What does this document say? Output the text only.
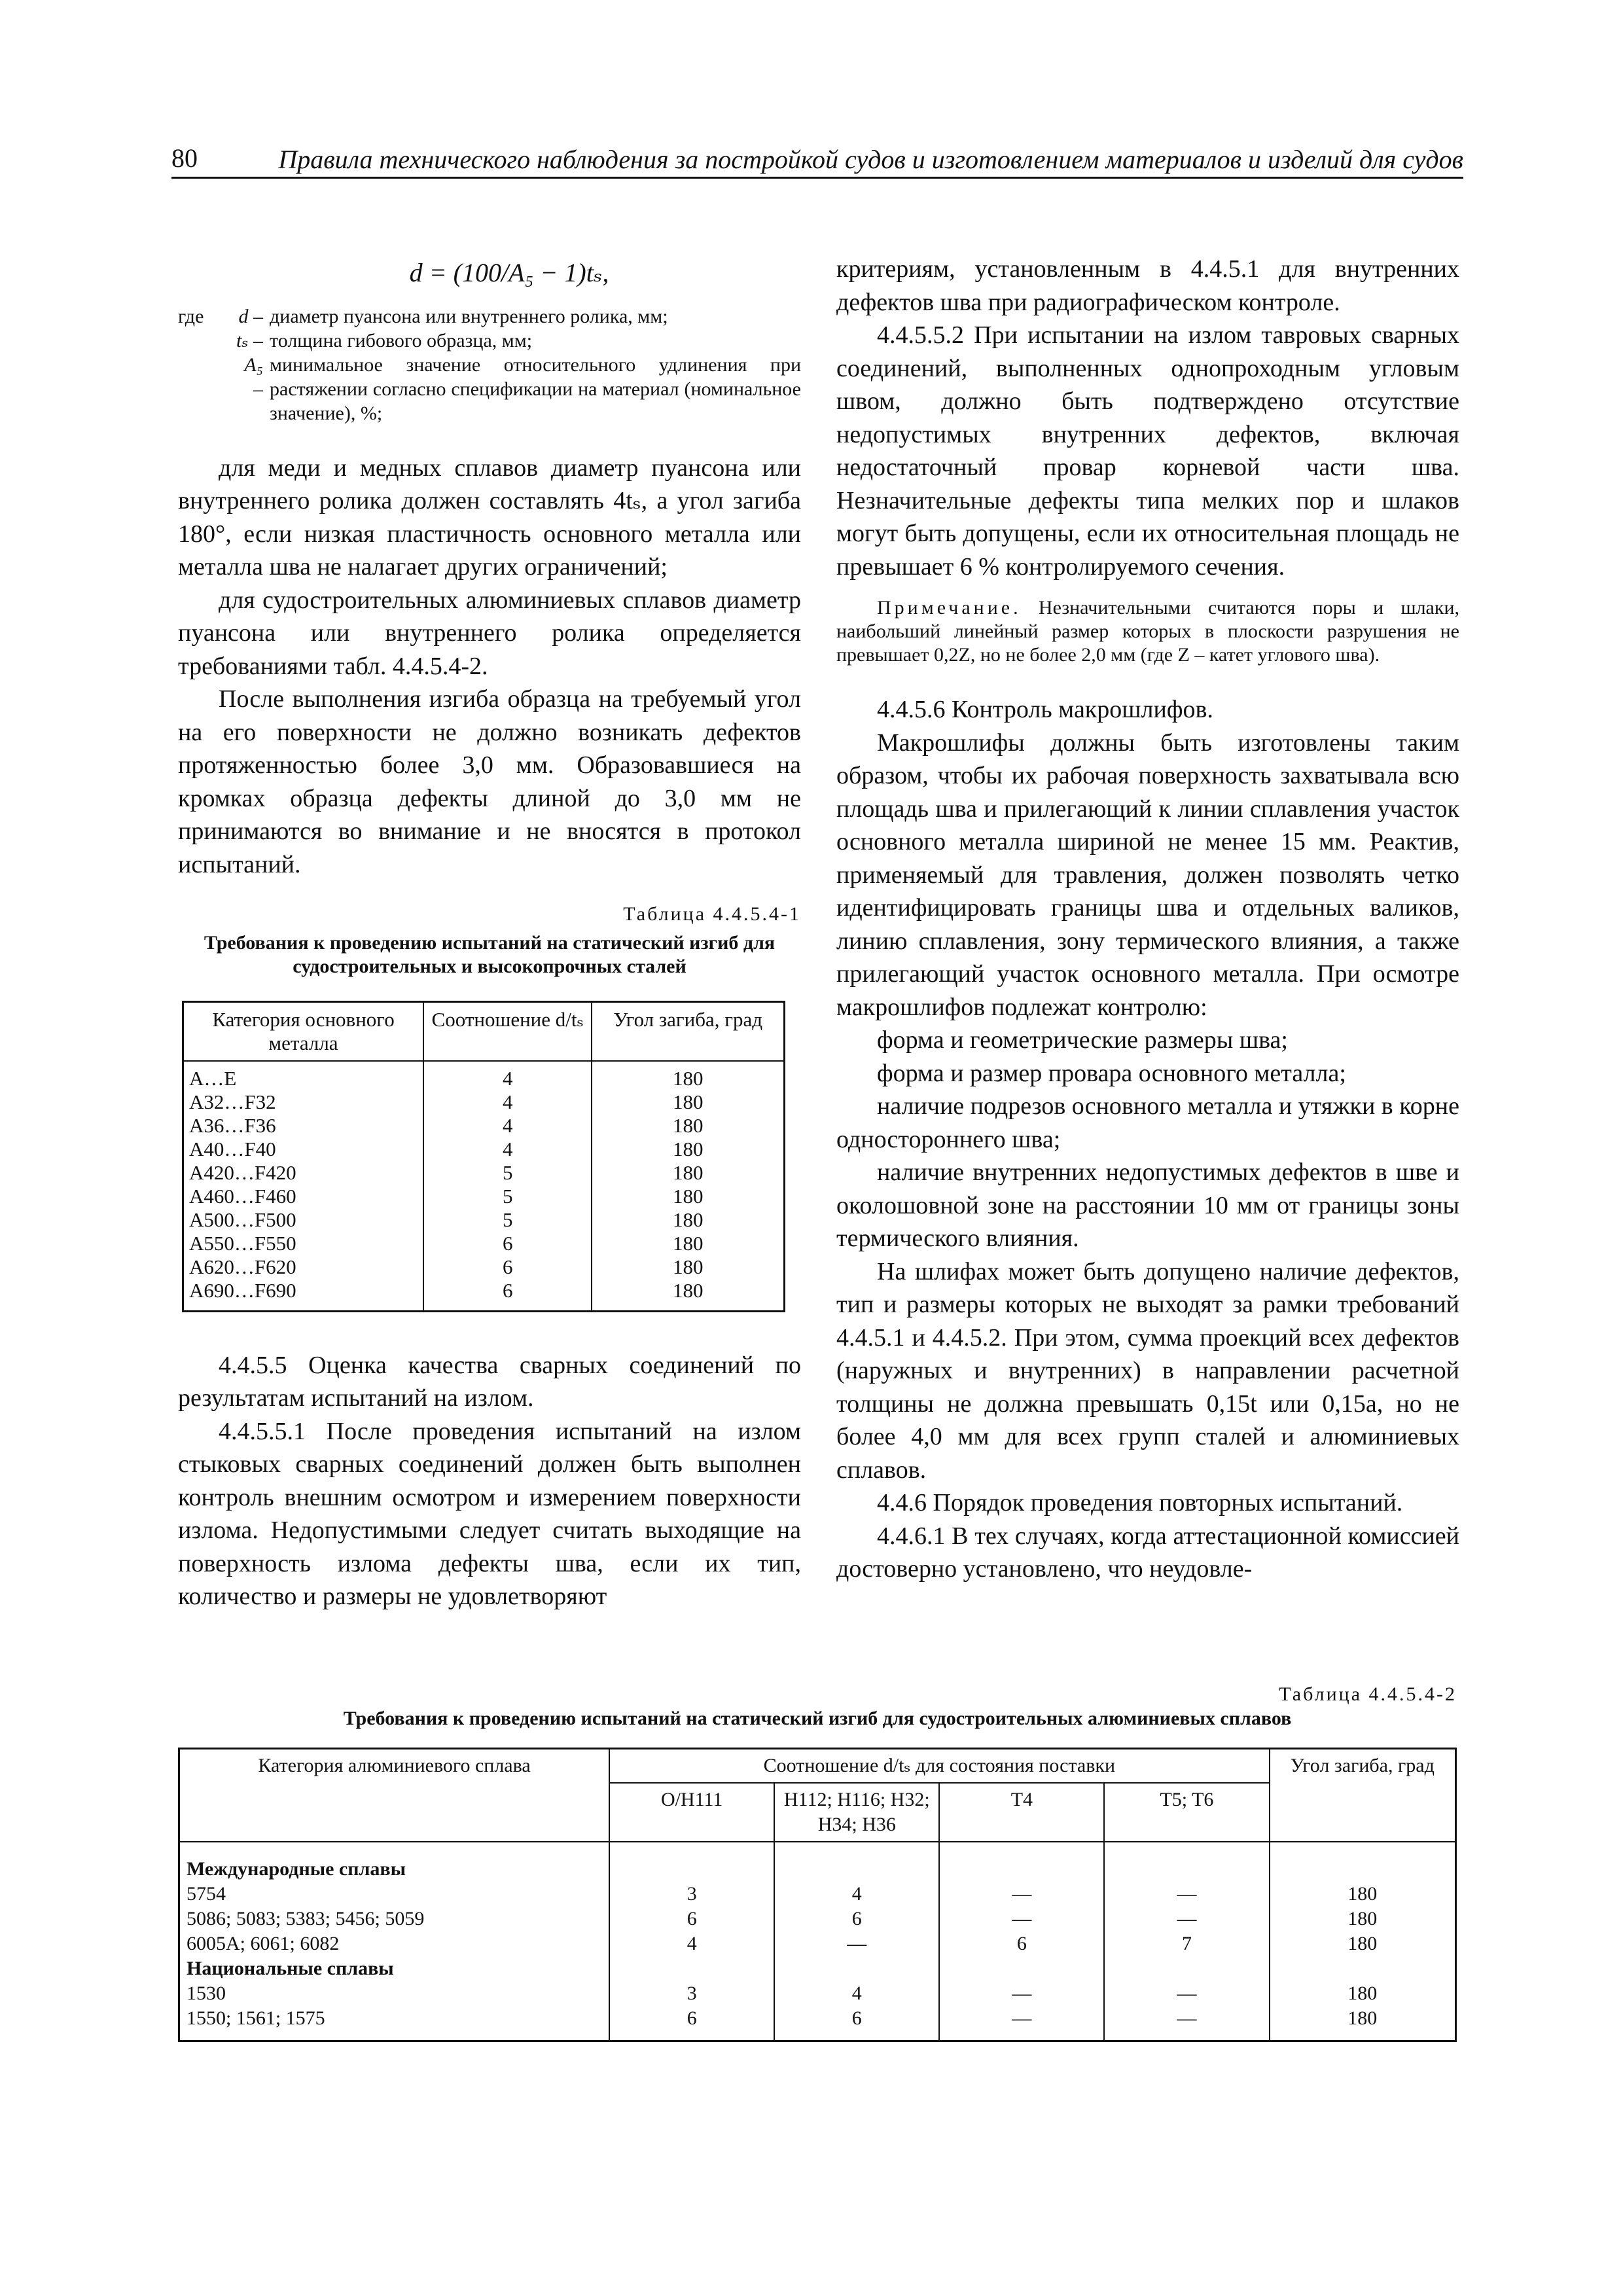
80	Правила технического наблюдения за постройкой судов и изготовлением материалов и изделий для судов
d = (100/A₅ − 1)tₛ,
где	d – диаметр пуансона или внутреннего ролика, мм;
tₛ – толщина гибового образца, мм;
A₅ –
минимальное значение относительного удлинения при растяжении согласно спецификации на материал (номинальное значение), %;

для меди и медных сплавов диаметр пуансона или внутреннего ролика должен составлять 4tₛ, а угол загиба 180°, если низкая пластичность основного металла или металла шва не налагает других ограничений;

для судостроительных алюминиевых сплавов диаметр пуансона или внутреннего ролика определяется требованиями табл. 4.4.5.4-2.

После выполнения изгиба образца на требуемый угол на его поверхности не должно возникать дефектов протяженностью более 3,0 мм. Образовавшиеся на кромках образца дефекты длиной до 3,0 мм не принимаются во внимание и не вносятся в протокол испытаний.

Таблица 4.4.5.4-1
Требования к проведению испытаний на статический изгиб для судостроительных и высокопрочных сталей
Категория основного металла	Соотношение d/tₛ	Угол загиба, град
A…E	4	180
A32…F32	4	180
A36…F36	4	180
A40…F40	4	180
A420…F420	5	180
A460…F460	5	180
A500…F500	5	180
A550…F550	6	180
A620…F620	6	180
A690…F690	6	180

4.4.5.5 Оценка качества сварных соединений по результатам испытаний на излом.

4.4.5.5.1 После проведения испытаний на излом стыковых сварных соединений должен быть выполнен контроль внешним осмотром и измерением поверхности излома. Недопустимыми следует считать выходящие на поверхность излома дефекты шва, если их тип, количество и размеры не удовлетворяют

критериям, установленным в 4.4.5.1 для внутренних дефектов шва при радиографическом контроле.

4.4.5.5.2 При испытании на излом тавровых сварных соединений, выполненных однопроходным угловым швом, должно быть подтверждено отсутствие недопустимых внутренних дефектов, включая недостаточный провар корневой части шва. Незначительные дефекты типа мелких пор и шлаков могут быть допущены, если их относительная площадь не превышает 6 % контролируемого сечения.

Примечание. Незначительными считаются поры и шлаки, наибольший линейный размер которых в плоскости разрушения не превышает 0,2Z, но не более 2,0 мм (где Z – катет углового шва).

4.4.5.6 Контроль макрошлифов.

Макрошлифы должны быть изготовлены таким образом, чтобы их рабочая поверхность захватывала всю площадь шва и прилегающий к линии сплавления участок основного металла шириной не менее 15 мм. Реактив, применяемый для травления, должен позволять четко идентифицировать границы шва и отдельных валиков, линию сплавления, зону термического влияния, а также прилегающий участок основного металла. При осмотре макрошлифов подлежат контролю:

форма и геометрические размеры шва;

форма и размер провара основного металла;

наличие подрезов основного металла и утяжки в корне одностороннего шва;

наличие внутренних недопустимых дефектов в шве и околошовной зоне на расстоянии 10 мм от границы зоны термического влияния.

На шлифах может быть допущено наличие дефектов, тип и размеры которых не выходят за рамки требований 4.4.5.1 и 4.4.5.2. При этом, сумма проекций всех дефектов (наружных и внутренних) в направлении расчетной толщины не должна превышать 0,15t или 0,15a, но не более 4,0 мм для всех групп сталей и алюминиевых сплавов.

4.4.6 Порядок проведения повторных испытаний.

4.4.6.1 В тех случаях, когда аттестационной комиссией достоверно установлено, что неудовле-

Таблица 4.4.5.4-2
Требования к проведению испытаний на статический изгиб для судостроительных алюминиевых сплавов
Категория алюминиевого сплава	Соотношение d/tₛ для состояния поставки				Угол загиба, град
	O/H111	H112; H116; H32; H34; H36	T4	T5; T6	
Международные сплавы					
5754	3	4	—	—	180
5086; 5083; 5383; 5456; 5059	6	6	—	—	180
6005A; 6061; 6082	4	—	6	7	180
Национальные сплавы					
1530	3	4	—	—	180
1550; 1561; 1575	6	6	—	—	180
